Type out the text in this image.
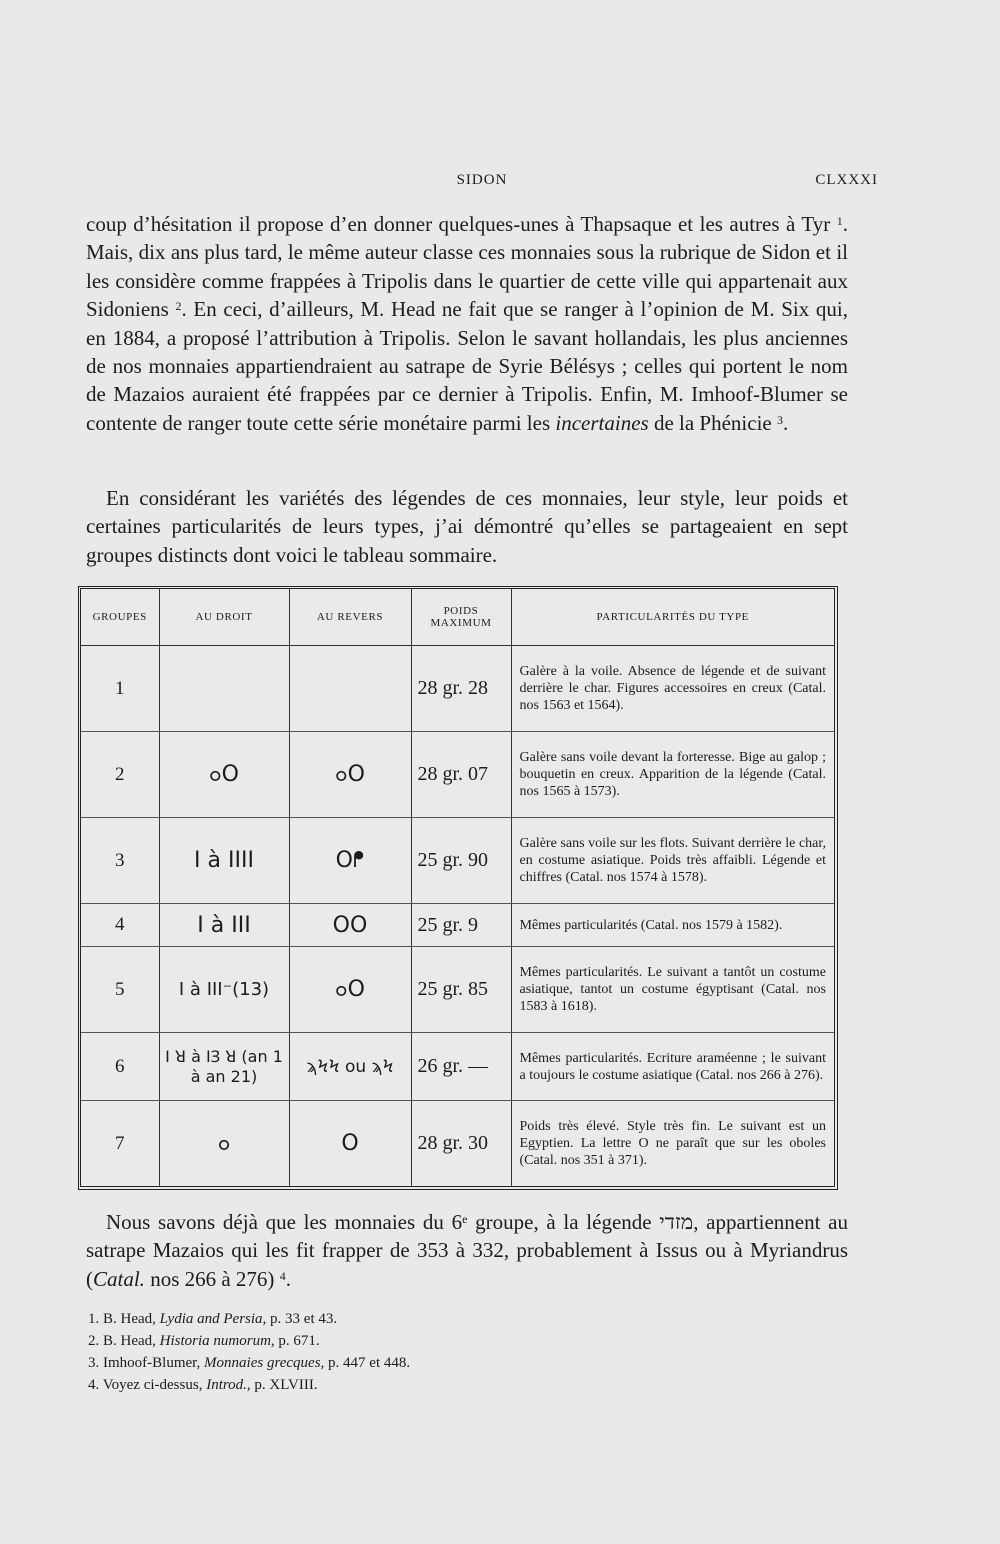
SIDON	CLXXXI

coup d’hésitation il propose d’en donner quelques-unes à Thapsaque et les autres à Tyr $^1$. Mais, dix ans plus tard, le même auteur classe ces monnaies sous la rubrique de Sidon et il les considère comme frappées à Tripolis dans le quartier de cette ville qui appartenait aux Sidoniens $^2$. En ceci, d’ailleurs, M. Head ne fait que se ranger à l’opinion de M. Six qui, en 1884, a proposé l’attribution à Tripolis. Selon le savant hollandais, les plus anciennes de nos monnaies appartiendraient au satrape de Syrie Bélésys ; celles qui portent le nom de Mazaios auraient été frappées par ce dernier à Tripolis. Enfin, M. Imhoof-Blumer se contente de ranger toute cette série monétaire parmi les incertaines de la Phénicie $^3$.

En considérant les variétés des légendes de ces monnaies, leur style, leur poids et certaines particularités de leurs types, j’ai démontré qu’elles se partageaient en sept groupes distincts dont voici le tableau sommaire.

GROUPES	AU DROIT	AU REVERS	POIDS MAXIMUM	PARTICULARITÉS DU TYPE
1			28 gr. 28	Galère à la voile. Absence de légende et de suivant derrière le char. Figures accessoires en creux (Catal. nos 1563 et 1564).
2	ߋO	ߋO	28 gr. 07	Galère sans voile devant la forteresse. Bige au galop ; bouquetin en creux. Apparition de la légende (Catal. nos 1565 à 1573).
3	I à IIII	Oᖰ	25 gr. 90	Galère sans voile sur les flots. Suivant derrière le char, en costume asiatique. Poids très affaibli. Légende et chiffres (Catal. nos 1574 à 1578).
4	I à III	OO	25 gr. 9	Mêmes particularités (Catal. nos 1579 à 1582).
5	I à III⁻(13)	ߋO	25 gr. 85	Mêmes particularités. Le suivant a tantôt un costume asiatique, tantot un costume égyptisant (Catal. nos 1583 à 1618).
6	I ꓤ à IꞫ ꓤ (an 1 à an 21)	ϡϞϞ ou ϡϞ	26 gr. —	Mêmes particularités. Ecriture araméenne ; le suivant a toujours le costume asiatique (Catal. nos 266 à 276).
7	ߋ	O	28 gr. 30	Poids très élevé. Style très fin. Le suivant est un Egyptien. La lettre O ne paraît que sur les oboles (Catal. nos 351 à 371).

Nous savons déjà que les monnaies du 6e groupe, à la légende ‎מזדי, appartiennent au satrape Mazaios qui les fit frapper de 353 à 332, probablement à Issus ou à Myriandrus (Catal. nos 266 à 276) $^4$.

1. B. Head, Lydia and Persia, p. 33 et 43.
2. B. Head, Historia numorum, p. 671.
3. Imhoof-Blumer, Monnaies grecques, p. 447 et 448.
4. Voyez ci-dessus, Introd., p. XLVIII.
